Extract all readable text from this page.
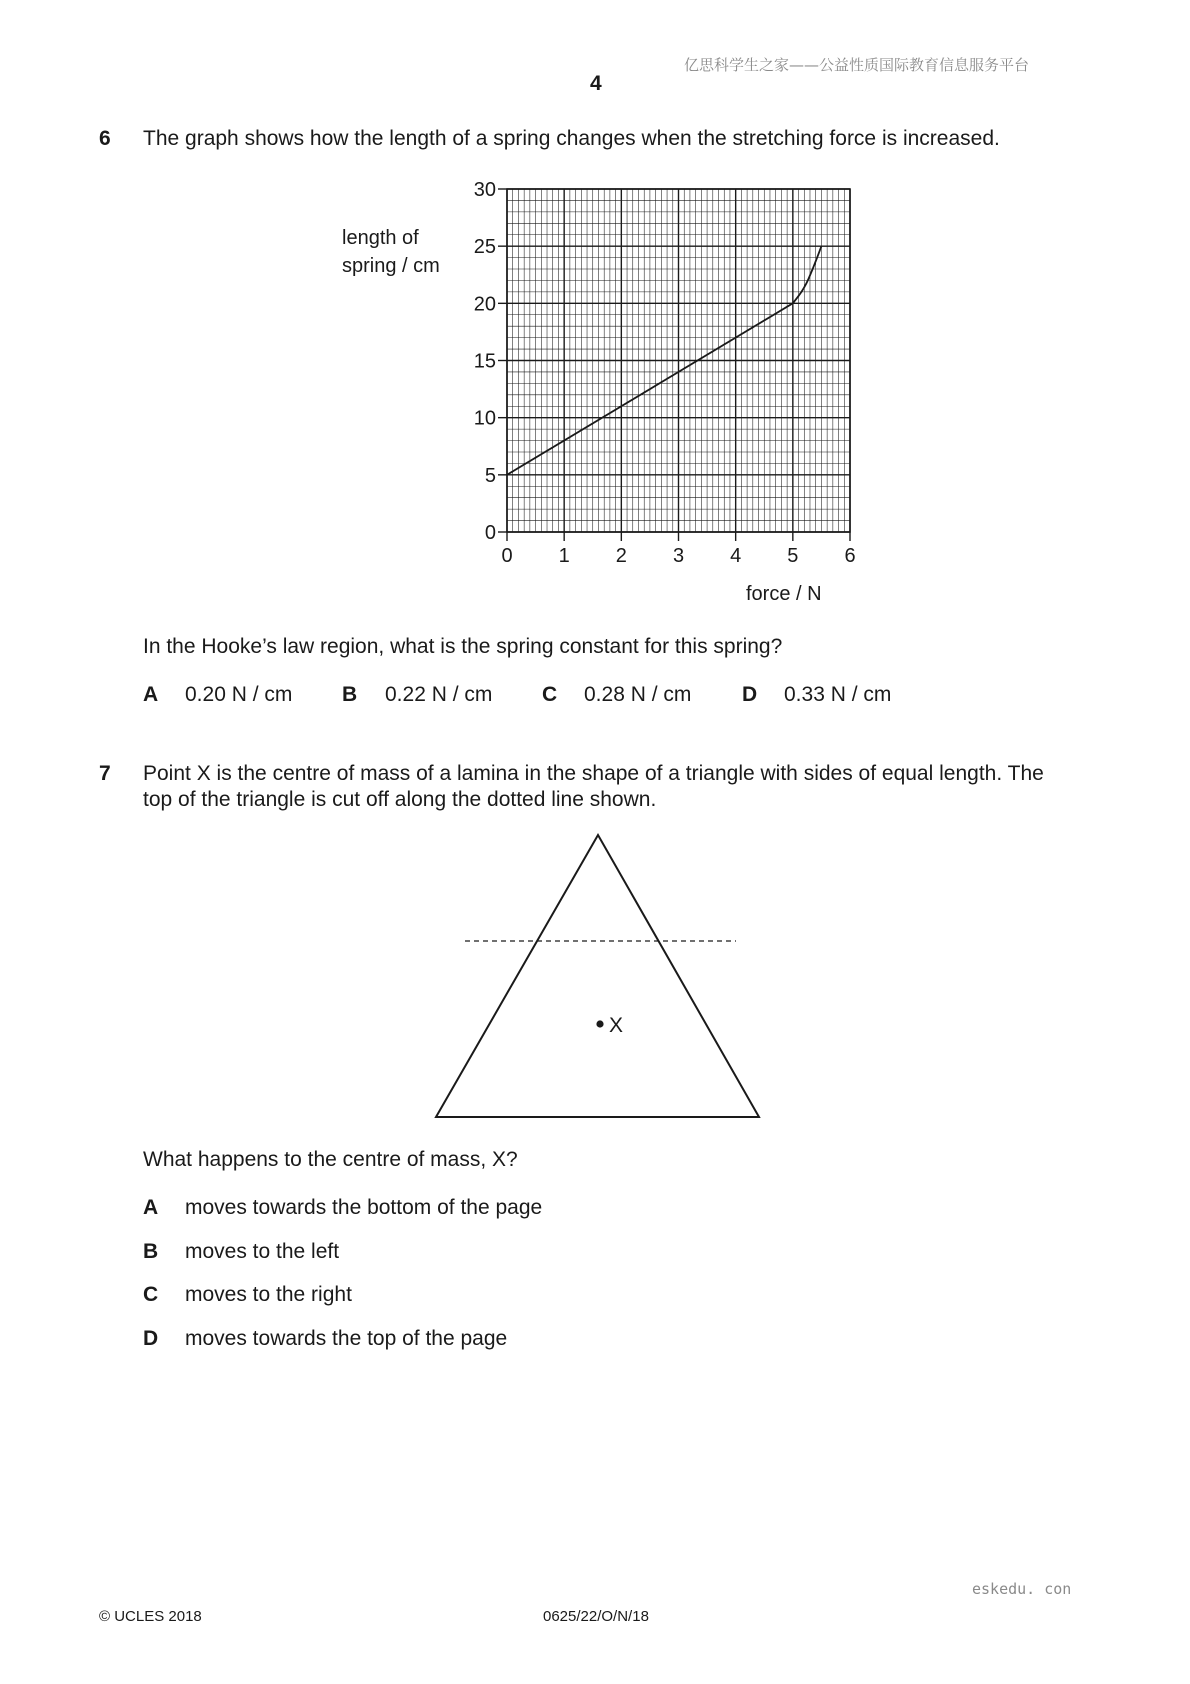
亿思科学生之家——公益性质国际教育信息服务平台
4
6 The graph shows how the length of a spring changes when the stretching force is increased.
0
5
10
15
20
25
30
0 1 2 3 4 5 6
length of
spring / cm
force / N
In the Hooke’s law region, what is the spring constant for this spring?
A 0.20 N / cm B 0.22 N / cm C 0.28 N / cm D 0.33 N / cm
7 Point X is the centre of mass of a lamina in the shape of a triangle with sides of equal length. The
top of the triangle is cut off along the dotted line shown.
X
What happens to the centre of mass, X?
A moves towards the bottom of the page
B moves to the left
C moves to the right
D moves towards the top of the page
eskedu. con
© UCLES 2018	0625/22/O/N/18
